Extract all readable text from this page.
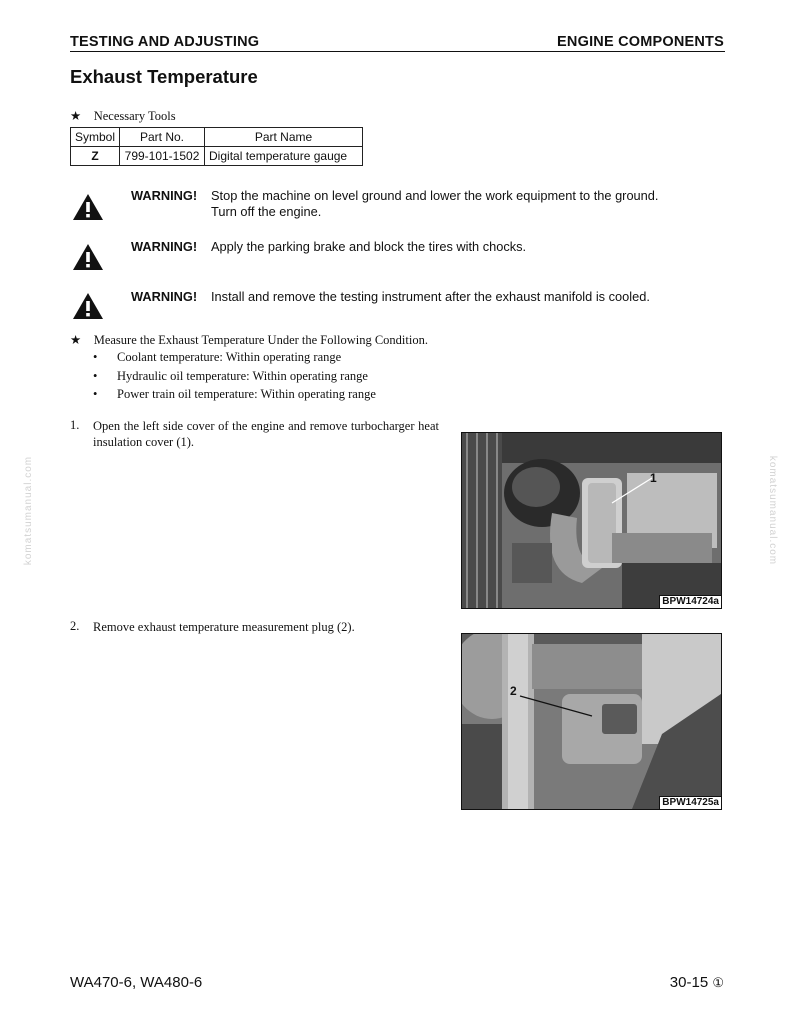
TESTING AND ADJUSTING	ENGINE COMPONENTS
Exhaust Temperature
★ Necessary Tools
Symbol	Part No.	Part Name
Z	799-101-1502	Digital temperature gauge
WARNING! Stop the machine on level ground and lower the work equipment to the ground.
Turn off the engine.
WARNING! Apply the parking brake and block the tires with chocks.
WARNING! Install and remove the testing instrument after the exhaust manifold is cooled.
★ Measure the Exhaust Temperature Under the Following Condition.
• Coolant temperature: Within operating range
• Hydraulic oil temperature: Within operating range
• Power train oil temperature: Within operating range
1. Open the left side cover of the engine and remove turbocharger heat insulation cover (1).
1
BPW14724a
2. Remove exhaust temperature measurement plug (2).
2
BPW14725a
komatsumanual.com	komatsumanual.com
WA470-6, WA480-6	30-15 ①
